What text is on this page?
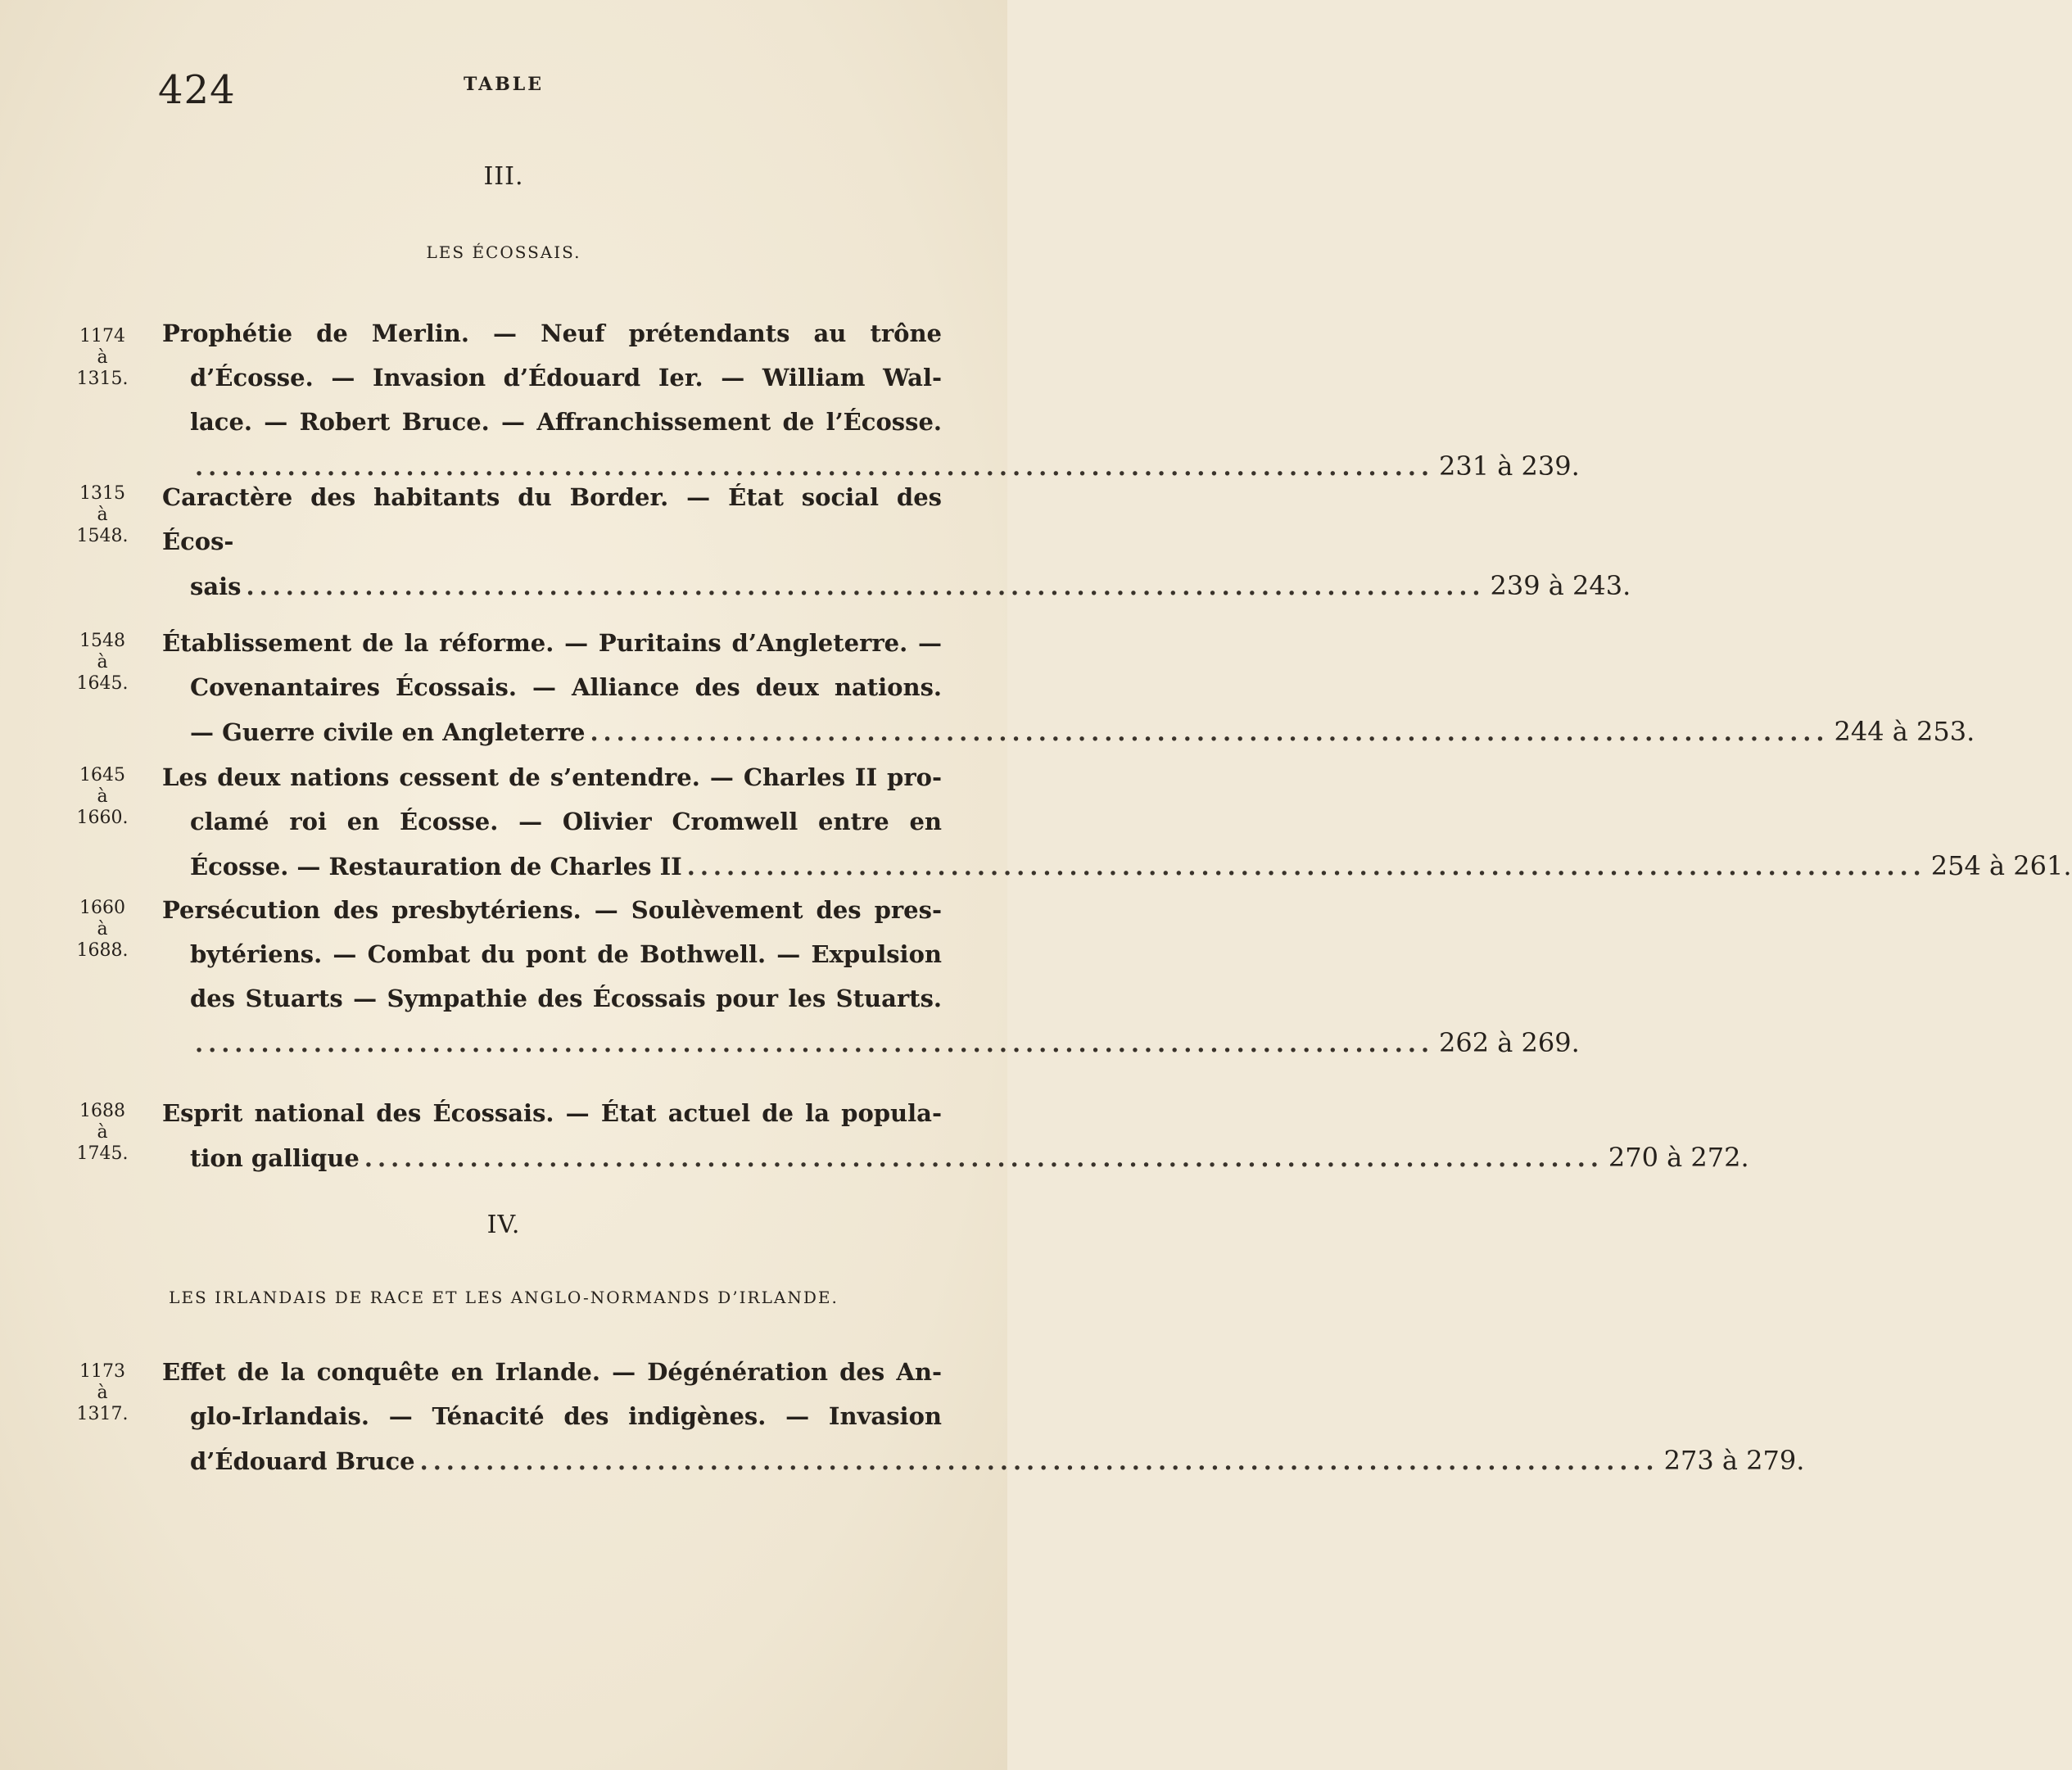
424	TABLE
III.
LES ÉCOSSAIS.
1174
à
1315.
Prophétie de Merlin. — Neuf prétendants au trône
d’Écosse. — Invasion d’Édouard Ier. — William Wal-
lace. — Robert Bruce. — Affranchissement de l’Écosse.
.............................................................................................. 231 à 239.
1315
à
1548.
Caractère des habitants du Border. — État social des Écos-
sais .............................................................................................. 239 à 243.
1548
à
1645.
Établissement de la réforme. — Puritains d’Angleterre. —
Covenantaires Écossais. — Alliance des deux nations.
— Guerre civile en Angleterre .............................................................................................. 244 à 253.
1645
à
1660.
Les deux nations cessent de s’entendre. — Charles II pro-
clamé roi en Écosse. — Olivier Cromwell entre en
Écosse. — Restauration de Charles II .............................................................................................. 254 à 261.
1660
à
1688.
Persécution des presbytériens. — Soulèvement des pres-
bytériens. — Combat du pont de Bothwell. — Expulsion
des Stuarts — Sympathie des Écossais pour les Stuarts.
.............................................................................................. 262 à 269.
1688
à
1745.
Esprit national des Écossais. — État actuel de la popula-
tion gallique .............................................................................................. 270 à 272.
IV.
LES IRLANDAIS DE RACE ET LES ANGLO-NORMANDS D’IRLANDE.
1173
à
1317.
Effet de la conquête en Irlande. — Dégénération des An-
glo-Irlandais. — Ténacité des indigènes. — Invasion
d’Édouard Bruce .............................................................................................. 273 à 279.
